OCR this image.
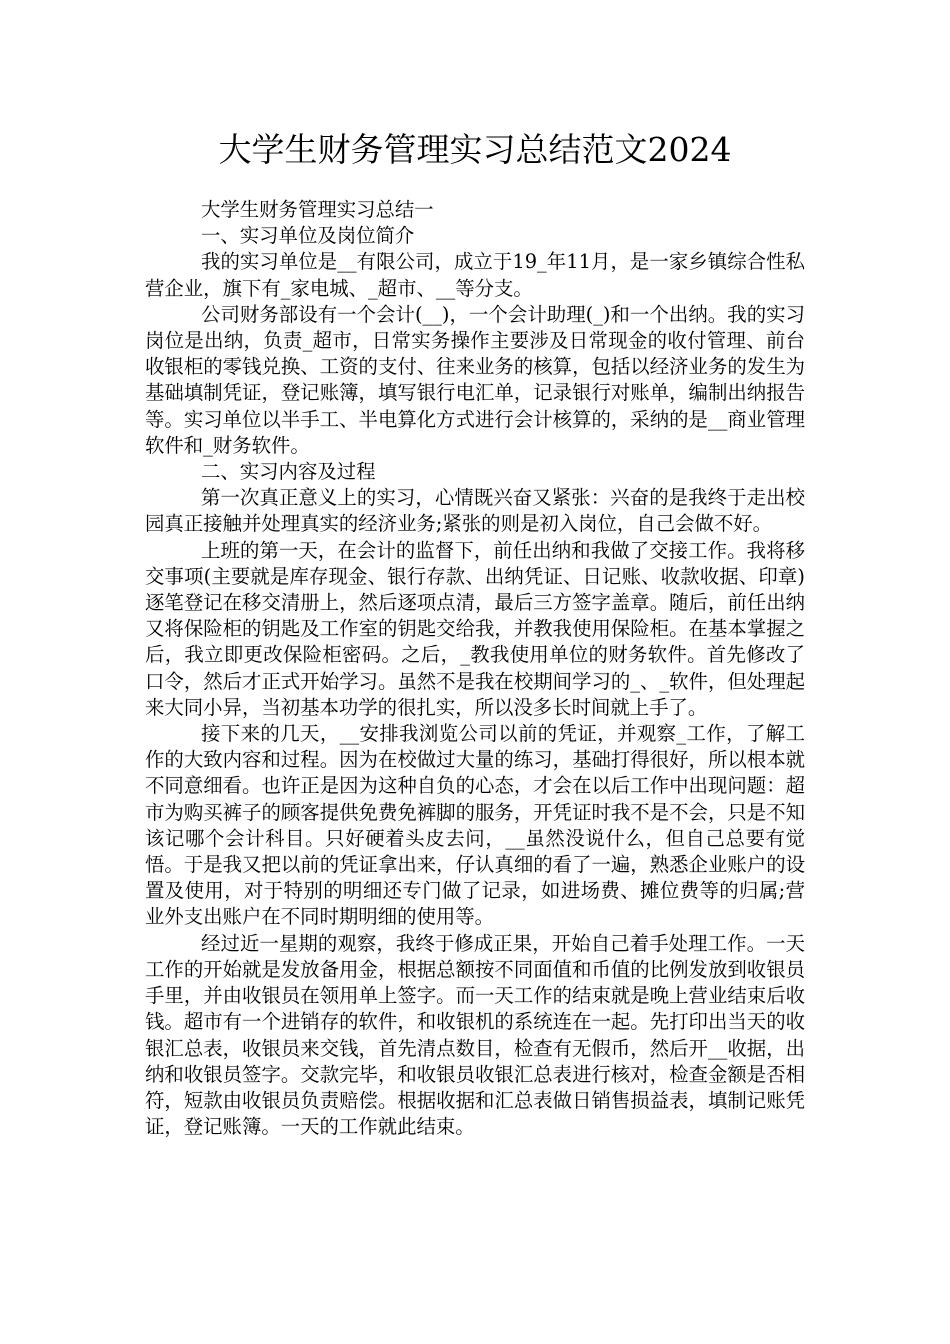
大学生财务管理实习总结范文2024

大学生财务管理实习总结一

一、实习单位及岗位简介

我的实习单位是__有限公司，成立于19_年11月，是一家乡镇综合性私营企业，旗下有_家电城、_超市、__等分支。

公司财务部设有一个会计(__)，一个会计助理(_)和一个出纳。我的实习岗位是出纳，负责_超市，日常实务操作主要涉及日常现金的收付管理、前台收银柜的零钱兑换、工资的支付、往来业务的核算，包括以经济业务的发生为基础填制凭证，登记账簿，填写银行电汇单，记录银行对账单，编制出纳报告等。实习单位以半手工、半电算化方式进行会计核算的，采纳的是__商业管理软件和_财务软件。

二、实习内容及过程

第一次真正意义上的实习，心情既兴奋又紧张：兴奋的是我终于走出校园真正接触并处理真实的经济业务;紧张的则是初入岗位，自己会做不好。

上班的第一天，在会计的监督下，前任出纳和我做了交接工作。我将移交事项(主要就是库存现金、银行存款、出纳凭证、日记账、收款收据、印章)逐笔登记在移交清册上，然后逐项点清，最后三方签字盖章。随后，前任出纳又将保险柜的钥匙及工作室的钥匙交给我，并教我使用保险柜。在基本掌握之后，我立即更改保险柜密码。之后，_教我使用单位的财务软件。首先修改了口令，然后才正式开始学习。虽然不是我在校期间学习的_、_软件，但处理起来大同小异，当初基本功学的很扎实，所以没多长时间就上手了。

接下来的几天，__安排我浏览公司以前的凭证，并观察_工作，了解工作的大致内容和过程。因为在校做过大量的练习，基础打得很好，所以根本就不同意细看。也许正是因为这种自负的心态，才会在以后工作中出现问题：超市为购买裤子的顾客提供免费免裤脚的服务，开凭证时我不是不会，只是不知该记哪个会计科目。只好硬着头皮去问，__虽然没说什么，但自己总要有觉悟。于是我又把以前的凭证拿出来，仔认真细的看了一遍，熟悉企业账户的设置及使用，对于特别的明细还专门做了记录，如进场费、摊位费等的归属;营业外支出账户在不同时期明细的使用等。

经过近一星期的观察，我终于修成正果，开始自己着手处理工作。一天工作的开始就是发放备用金，根据总额按不同面值和币值的比例发放到收银员手里，并由收银员在领用单上签字。而一天工作的结束就是晚上营业结束后收钱。超市有一个进销存的软件，和收银机的系统连在一起。先打印出当天的收银汇总表，收银员来交钱，首先清点数目，检查有无假币，然后开__收据，出纳和收银员签字。交款完毕，和收银员收银汇总表进行核对，检查金额是否相符，短款由收银员负责赔偿。根据收据和汇总表做日销售损益表，填制记账凭证，登记账簿。一天的工作就此结束。
